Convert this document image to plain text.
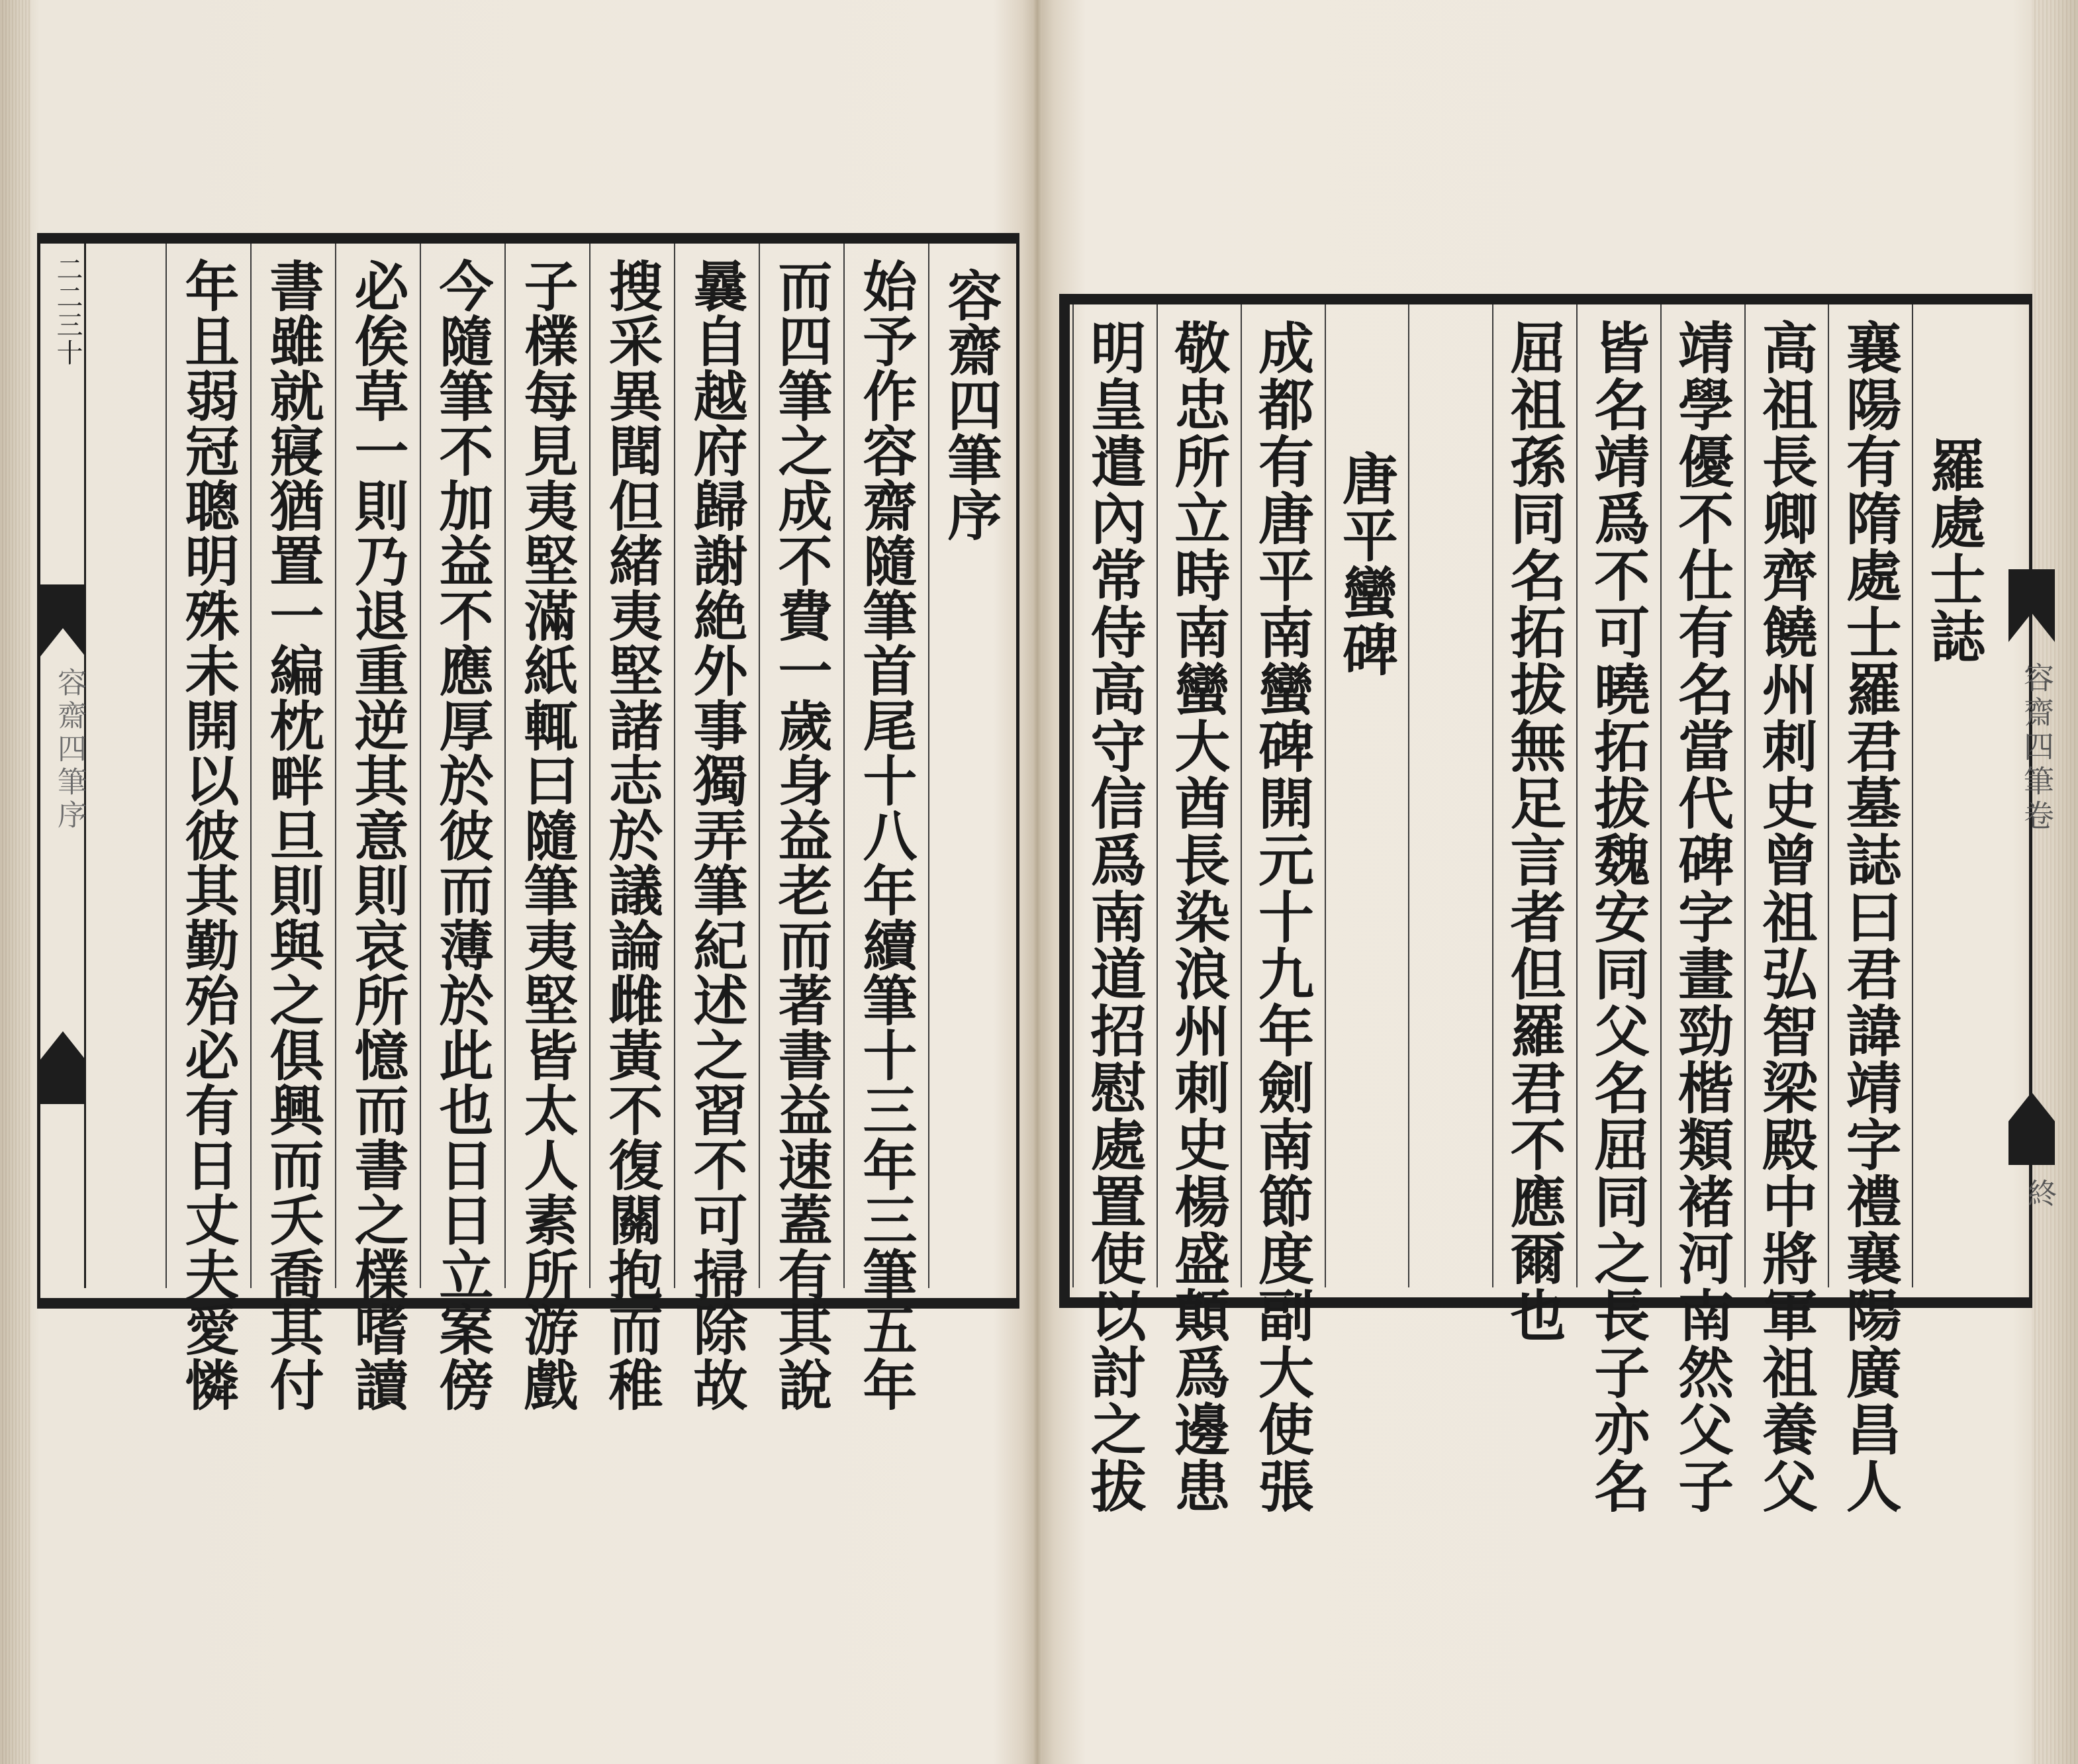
二二三十
容齋四筆序
容齋四筆序
始予作容齋隨筆首尾十八年續筆十三年三筆五年
而四筆之成不費一歲身益老而著書益速蓋有其說
曩自越府歸謝絶外事獨弄筆紀述之習不可掃除故
搜采異聞但緒夷堅諸志於議論雌黃不復關抱而稚
子檏每見夷堅滿紙輒曰隨筆夷堅皆太人素所游戲
今隨筆不加益不應厚於彼而薄於此也日日立案傍
必俟草一則乃退重逆其意則哀所憶而書之檏嗜讀
書雖就寢猶置一編枕畔旦則與之俱興而夭喬其付
年且弱冠聰明殊未開以彼其勤殆必有日丈夫愛憐	羅處士誌
襄陽有隋處士羅君墓誌曰君諱靖字禮襄陽廣昌人
高祖長卿齊饒州刺史曾祖弘智梁殿中將軍祖養父
靖學優不仕有名當代碑字畫勁楷類褚河南然父子
皆名靖爲不可曉拓拔魏安同父名屈同之長子亦名
屈祖孫同名拓拔無足言者但羅君不應爾也
唐平蠻碑
成都有唐平南蠻碑開元十九年劍南節度副大使張
敬忠所立時南蠻大酋長染浪州刺史楊盛顛爲邊患
明皇遣內常侍高守信爲南道招慰處置使以討之拔	容齋四筆卷
終
